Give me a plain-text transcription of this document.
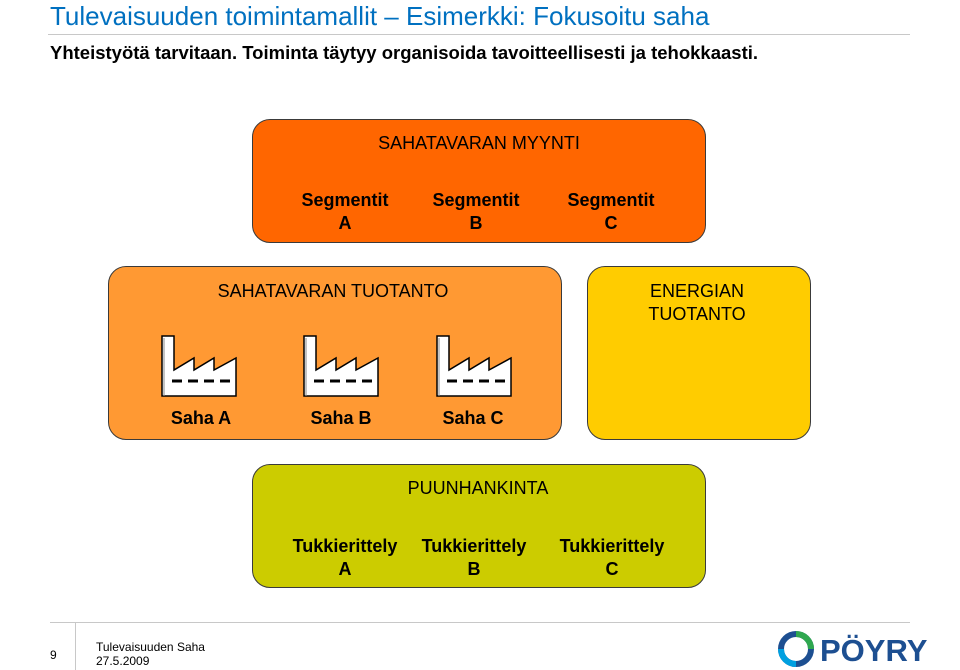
Tulevaisuuden toimintamallit – Esimerkki: Fokusoitu saha
Yhteistyötä tarvitaan. Toiminta täytyy organisoida tavoitteellisesti ja tehokkaasti.
SAHATAVARAN MYYNTI
Segmentit
A
Segmentit
B
Segmentit
C
SAHATAVARAN TUOTANTO
Saha A	Saha B	Saha C
ENERGIAN
TUOTANTO
PUUNHANKINTA
Tukkierittely
A
Tukkierittely
B
Tukkierittely
C
9
Tulevaisuuden Saha
27.5.2009	PÖYRY
